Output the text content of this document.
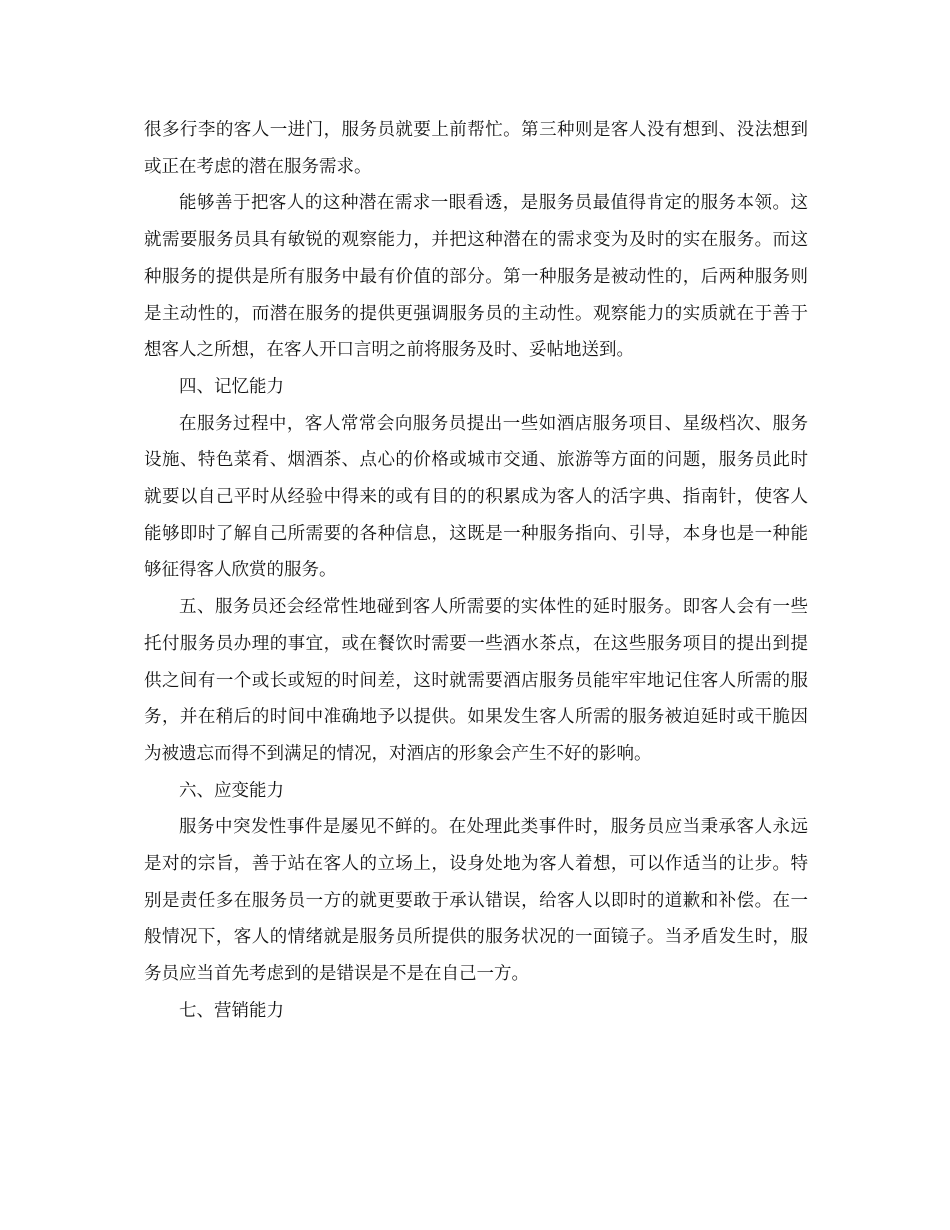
很多行李的客人一进门，服务员就要上前帮忙。第三种则是客人没有想到、没法想到或正在考虑的潜在服务需求。

能够善于把客人的这种潜在需求一眼看透，是服务员最值得肯定的服务本领。这就需要服务员具有敏锐的观察能力，并把这种潜在的需求变为及时的实在服务。而这种服务的提供是所有服务中最有价值的部分。第一种服务是被动性的，后两种服务则是主动性的，而潜在服务的提供更强调服务员的主动性。观察能力的实质就在于善于想客人之所想，在客人开口言明之前将服务及时、妥帖地送到。

四、记忆能力

在服务过程中，客人常常会向服务员提出一些如酒店服务项目、星级档次、服务设施、特色菜肴、烟酒茶、点心的价格或城市交通、旅游等方面的问题，服务员此时就要以自己平时从经验中得来的或有目的的积累成为客人的活字典、指南针，使客人能够即时了解自己所需要的各种信息，这既是一种服务指向、引导，本身也是一种能够征得客人欣赏的服务。

五、服务员还会经常性地碰到客人所需要的实体性的延时服务。即客人会有一些托付服务员办理的事宜，或在餐饮时需要一些酒水茶点，在这些服务项目的提出到提供之间有一个或长或短的时间差，这时就需要酒店服务员能牢牢地记住客人所需的服务，并在稍后的时间中准确地予以提供。如果发生客人所需的服务被迫延时或干脆因为被遗忘而得不到满足的情况，对酒店的形象会产生不好的影响。

六、应变能力

服务中突发性事件是屡见不鲜的。在处理此类事件时，服务员应当秉承客人永远是对的宗旨，善于站在客人的立场上，设身处地为客人着想，可以作适当的让步。特别是责任多在服务员一方的就更要敢于承认错误，给客人以即时的道歉和补偿。在一般情况下，客人的情绪就是服务员所提供的服务状况的一面镜子。当矛盾发生时，服务员应当首先考虑到的是错误是不是在自己一方。

七、营销能力
